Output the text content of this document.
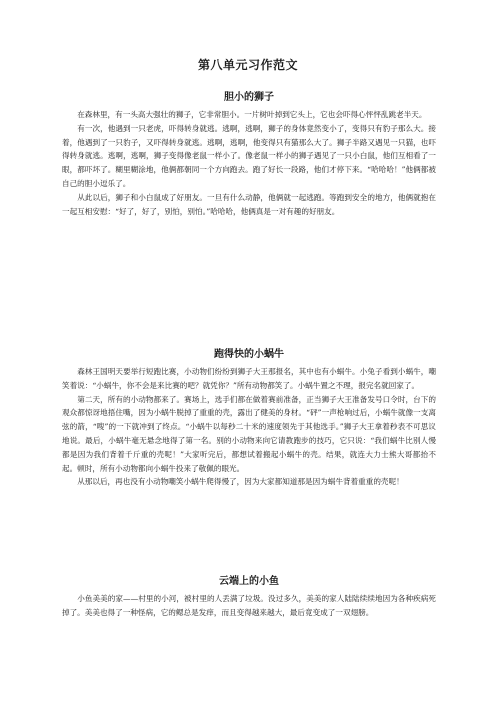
第八单元习作范文
胆小的狮子

在森林里，有一头高大强壮的狮子，它非常胆小。一片树叶掉到它头上，它也会吓得心怦怦乱跳老半天。

有一次，他遇到一只老虎，吓得转身就逃。逃啊，逃啊，狮子的身体竟然变小了，变得只有豹子那么大。接着，他遇到了一只豹子，又吓得转身就逃。逃啊，逃啊，他变得只有猫那么大了。狮子半路又遇见一只猫，也吓得转身就逃。逃啊，逃啊，狮子变得像老鼠一样小了。像老鼠一样小的狮子遇见了一只小白鼠，他们互相看了一眼，都吓坏了。糊里糊涂地，他俩都朝同一个方向跑去。跑了好长一段路，他们才停下来。“哈哈哈！”他俩都被自己的胆小逗乐了。

从此以后，狮子和小白鼠成了好朋友。一旦有什么动静，他俩就一起逃跑。等跑到安全的地方，他俩就抱在一起互相安慰：“好了，好了，别怕，别怕。”哈哈哈，他俩真是一对有趣的好朋友。

跑得快的小蜗牛

森林王国明天要举行短跑比赛，小动物们纷纷到狮子大王那报名，其中也有小蜗牛。小兔子看到小蜗牛，嘲笑着说：“小蜗牛，你不会是来比赛的吧？就凭你？”所有动物都笑了。小蜗牛置之不理，报完名就回家了。

第二天，所有的小动物都来了。赛场上，选手们都在做着赛前准备，正当狮子大王准备发号口令时，台下的观众都惊讶地捂住嘴，因为小蜗牛脱掉了重重的壳，露出了健美的身材。“砰”一声枪响过后，小蜗牛就像一支离弦的箭，“嗖”的一下就冲到了终点。“小蜗牛以每秒二十米的速度领先于其他选手。”狮子大王拿着秒表不可思议地说。最后，小蜗牛毫无悬念地得了第一名。别的小动物来向它请教跑步的技巧，它只说：“我们蜗牛比别人慢都是因为我们背着千斤重的壳呢！”大家听完后，都想试着搬起小蜗牛的壳。结果，就连大力士熊大哥都抬不起。顿时，所有小动物都向小蜗牛投来了敬佩的眼光。

从那以后，再也没有小动物嘲笑小蜗牛爬得慢了，因为大家都知道那是因为蜗牛背着重重的壳呢！

云端上的小鱼

小鱼美美的家——村里的小河，被村里的人丢满了垃圾。没过多久，美美的家人陆陆续续地因为各种疾病死掉了。美美也得了一种怪病，它的鳃总是发痒，而且变得越来越大，最后竟变成了一双翅膀。
